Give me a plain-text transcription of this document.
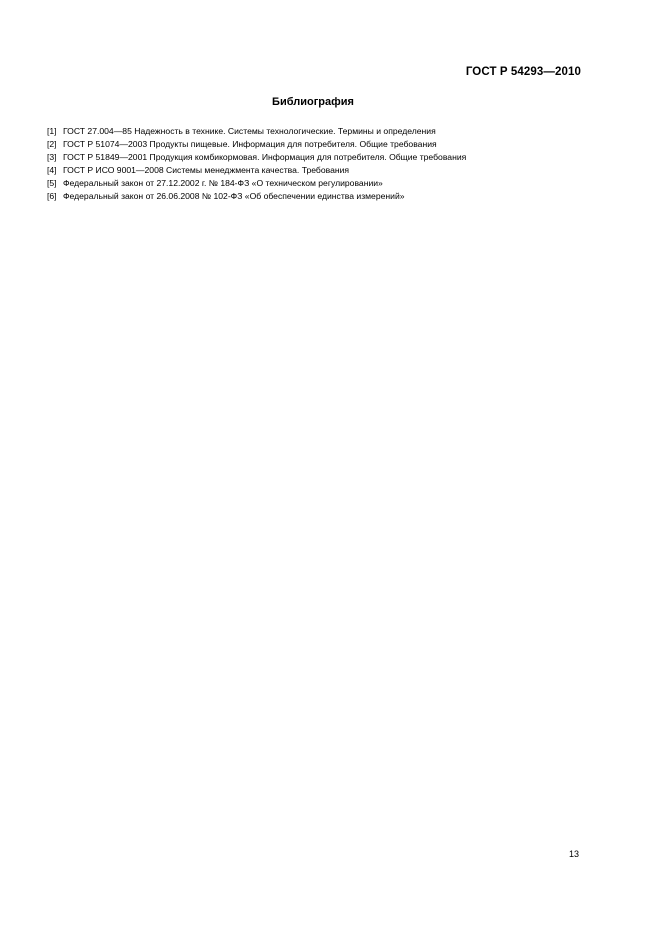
ГОСТ Р 54293—2010
Библиография
[1] ГОСТ 27.004—85 Надежность в технике. Системы технологические. Термины и определения
[2] ГОСТ Р 51074—2003 Продукты пищевые. Информация для потребителя. Общие требования
[3] ГОСТ Р 51849—2001 Продукция комбикормовая. Информация для потребителя. Общие требования
[4] ГОСТ Р ИСО 9001—2008 Системы менеджмента качества. Требования
[5] Федеральный закон от 27.12.2002 г. № 184-ФЗ «О техническом регулировании»
[6] Федеральный закон от 26.06.2008 № 102-ФЗ «Об обеспечении единства измерений»
13
